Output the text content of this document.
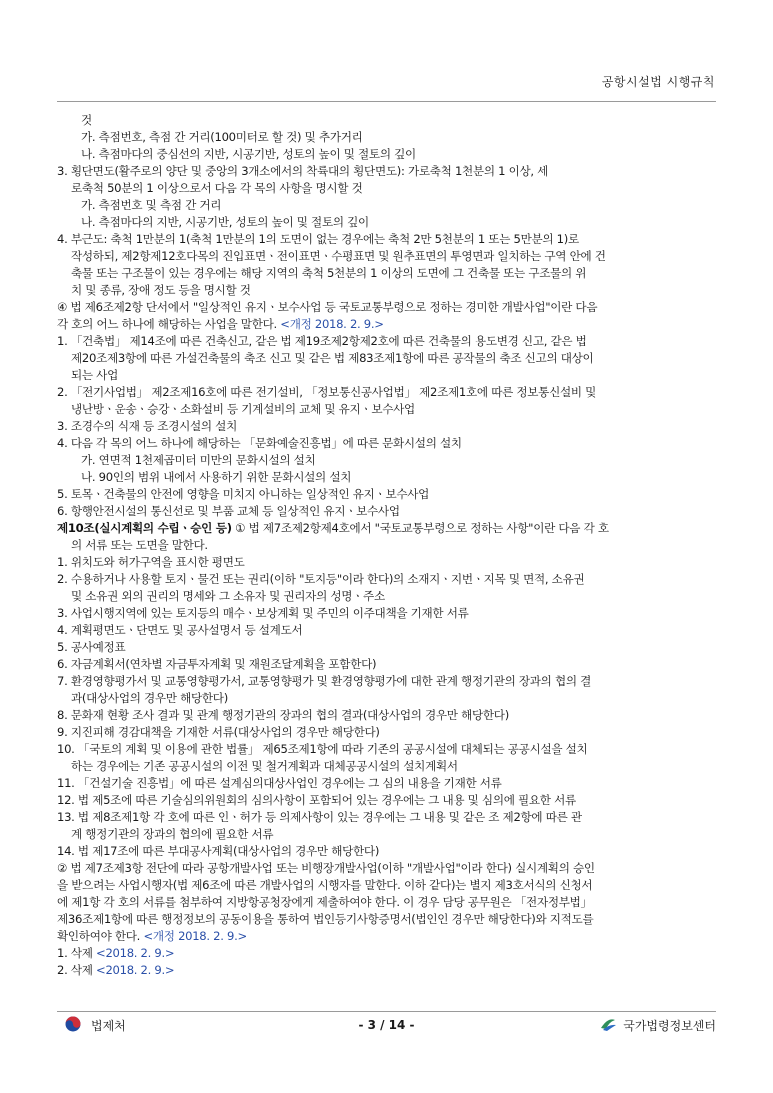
공항시설법 시행규칙
것
가. 측점번호, 측점 간 거리(100미터로 할 것) 및 추가거리
나. 측점마다의 중심선의 지반, 시공기반, 성토의 높이 및 절토의 깊이
3. 횡단면도(활주로의 양단 및 중앙의 3개소에서의 착륙대의 횡단면도): 가로축척 1천분의 1 이상, 세
로축척 50분의 1 이상으로서 다음 각 목의 사항을 명시할 것
가. 측점번호 및 측점 간 거리
나. 측점마다의 지반, 시공기반, 성토의 높이 및 절토의 깊이
4. 부근도: 축척 1만분의 1(축척 1만분의 1의 도면이 없는 경우에는 축척 2만 5천분의 1 또는 5만분의 1)로
작성하되, 제2항제12호다목의 진입표면ㆍ전이표면ㆍ수평표면 및 원추표면의 투영면과 일치하는 구역 안에 건
축물 또는 구조물이 있는 경우에는 해당 지역의 축척 5천분의 1 이상의 도면에 그 건축물 또는 구조물의 위
치 및 종류, 장애 정도 등을 명시할 것
④ 법 제6조제2항 단서에서 "일상적인 유지ㆍ보수사업 등 국토교통부령으로 정하는 경미한 개발사업"이란 다음
각 호의 어느 하나에 해당하는 사업을 말한다. <개정 2018. 2. 9.>
1. 「건축법」 제14조에 따른 건축신고, 같은 법 제19조제2항제2호에 따른 건축물의 용도변경 신고, 같은 법
제20조제3항에 따른 가설건축물의 축조 신고 및 같은 법 제83조제1항에 따른 공작물의 축조 신고의 대상이
되는 사업
2. 「전기사업법」 제2조제16호에 따른 전기설비, 「정보통신공사업법」 제2조제1호에 따른 정보통신설비 및
냉난방ㆍ운송ㆍ승강ㆍ소화설비 등 기계설비의 교체 및 유지ㆍ보수사업
3. 조경수의 식재 등 조경시설의 설치
4. 다음 각 목의 어느 하나에 해당하는 「문화예술진흥법」에 따른 문화시설의 설치
가. 연면적 1천제곱미터 미만의 문화시설의 설치
나. 90인의 범위 내에서 사용하기 위한 문화시설의 설치
5. 토목ㆍ건축물의 안전에 영향을 미치지 아니하는 일상적인 유지ㆍ보수사업
6. 항행안전시설의 통신선로 및 부품 교체 등 일상적인 유지ㆍ보수사업
제10조(실시계획의 수립ㆍ승인 등) ① 법 제7조제2항제4호에서 "국토교통부령으로 정하는 사항"이란 다음 각 호
의 서류 또는 도면을 말한다.
1. 위치도와 허가구역을 표시한 평면도
2. 수용하거나 사용할 토지ㆍ물건 또는 권리(이하 "토지등"이라 한다)의 소재지ㆍ지번ㆍ지목 및 면적, 소유권
및 소유권 외의 권리의 명세와 그 소유자 및 권리자의 성명ㆍ주소
3. 사업시행지역에 있는 토지등의 매수ㆍ보상계획 및 주민의 이주대책을 기재한 서류
4. 계획평면도ㆍ단면도 및 공사설명서 등 설계도서
5. 공사예정표
6. 자금계획서(연차별 자금투자계획 및 재원조달계획을 포함한다)
7. 환경영향평가서 및 교통영향평가서, 교통영향평가 및 환경영향평가에 대한 관계 행정기관의 장과의 협의 결
과(대상사업의 경우만 해당한다)
8. 문화재 현황 조사 결과 및 관계 행정기관의 장과의 협의 결과(대상사업의 경우만 해당한다)
9. 지진피해 경감대책을 기재한 서류(대상사업의 경우만 해당한다)
10. 「국토의 계획 및 이용에 관한 법률」 제65조제1항에 따라 기존의 공공시설에 대체되는 공공시설을 설치
하는 경우에는 기존 공공시설의 이전 및 철거계획과 대체공공시설의 설치계획서
11. 「건설기술 진흥법」에 따른 설계심의대상사업인 경우에는 그 심의 내용을 기재한 서류
12. 법 제5조에 따른 기술심의위원회의 심의사항이 포함되어 있는 경우에는 그 내용 및 심의에 필요한 서류
13. 법 제8조제1항 각 호에 따른 인ㆍ허가 등 의제사항이 있는 경우에는 그 내용 및 같은 조 제2항에 따른 관
계 행정기관의 장과의 협의에 필요한 서류
14. 법 제17조에 따른 부대공사계획(대상사업의 경우만 해당한다)
② 법 제7조제3항 전단에 따라 공항개발사업 또는 비행장개발사업(이하 "개발사업"이라 한다) 실시계획의 승인
을 받으려는 사업시행자(법 제6조에 따른 개발사업의 시행자를 말한다. 이하 같다)는 별지 제3호서식의 신청서
에 제1항 각 호의 서류를 첨부하여 지방항공청장에게 제출하여야 한다. 이 경우 담당 공무원은 「전자정부법」
제36조제1항에 따른 행정정보의 공동이용을 통하여 법인등기사항증명서(법인인 경우만 해당한다)와 지적도를
확인하여야 한다. <개정 2018. 2. 9.>
1. 삭제 <2018. 2. 9.>
2. 삭제 <2018. 2. 9.>
법제처	- 3 / 14 -	국가법령정보센터
